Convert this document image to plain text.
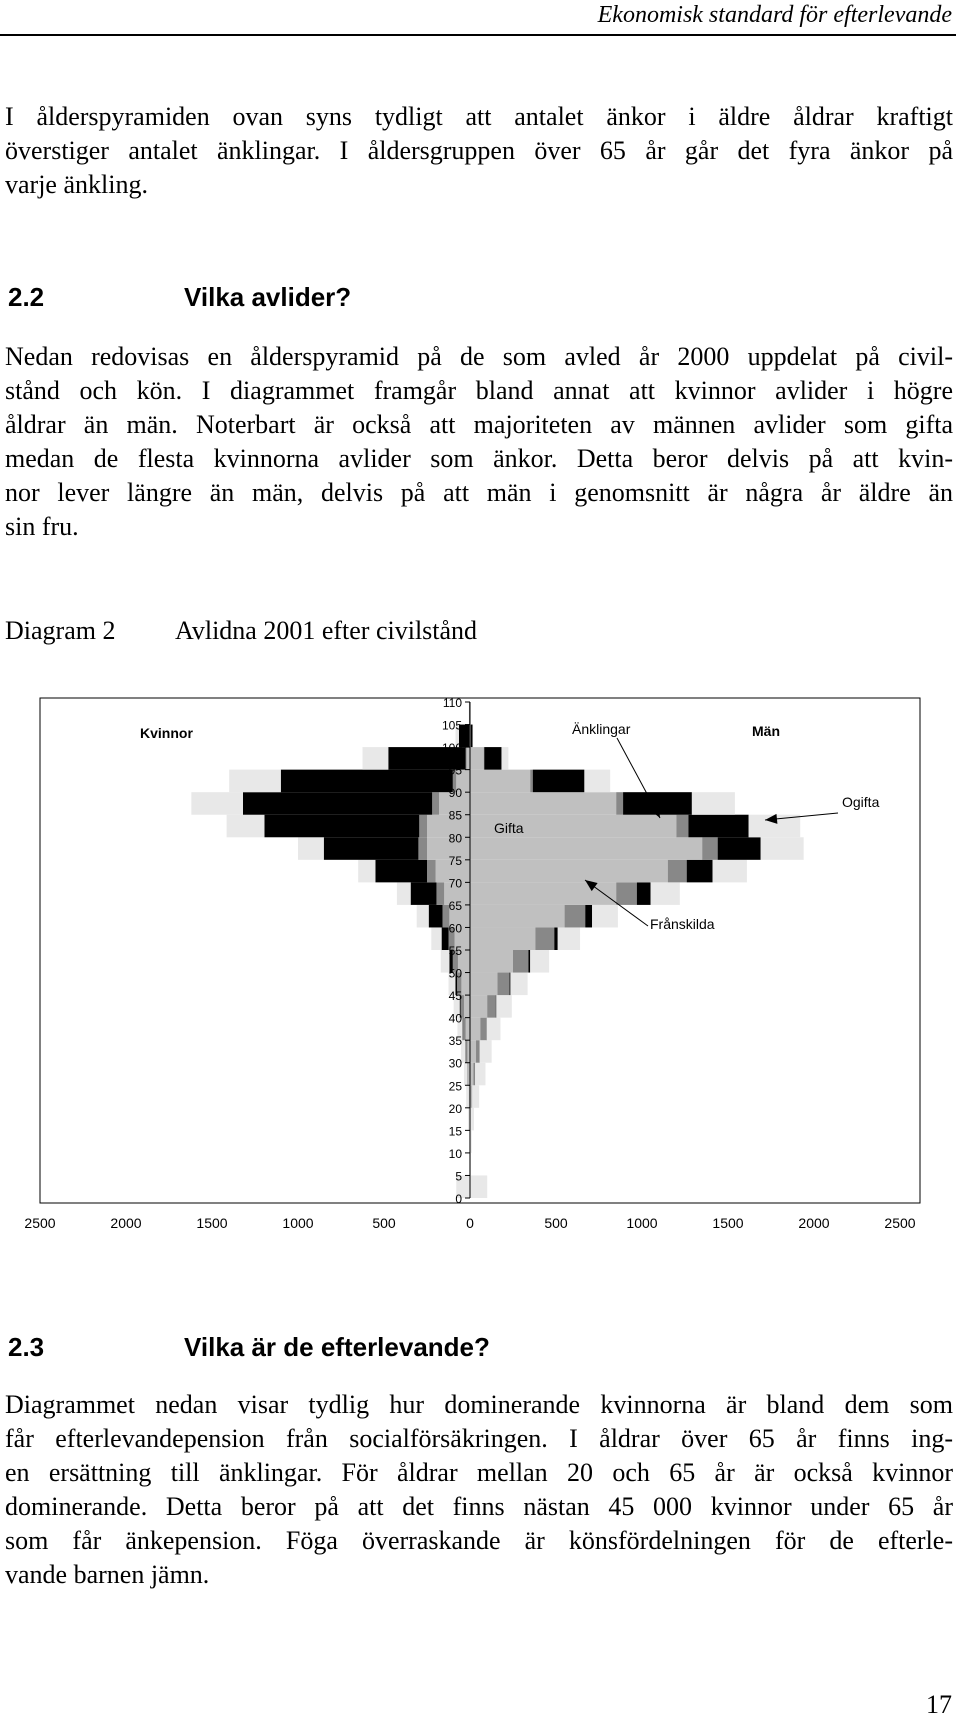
Ekonomisk standard för efterlevande
I ålderspyramiden ovan syns tydligt att antalet änkor i äldre åldrar kraftigt
överstiger antalet änklingar. I åldersgruppen över 65 år går det fyra änkor på
varje änkling.
2.2	Vilka avlider?
Nedan redovisas en ålderspyramid på de som avled år 2000 uppdelat på civil-
stånd och kön. I diagrammet framgår bland annat att kvinnor avlider i högre
åldrar än män. Noterbart är också att majoriteten av männen avlider som gifta
medan de flesta kvinnorna avlider som änkor. Detta beror delvis på att kvin-
nor lever längre än män, delvis på att män i genomsnitt är några år äldre än
sin fru.
Diagram 2 Avlidna 2001 efter civilstånd
0
5
10
15
20
25
30
35
40
45
50
55
60
65
70
75
80
85
90
95
100
105
110
2500	2000	1500	1000	500	0	500	1000	1500	2000	2500
Kvinnor	Män
Änkor
Gifta
Änklingar
Ogifta
Frånskilda
2.3	Vilka är de efterlevande?
Diagrammet nedan visar tydlig hur dominerande kvinnorna är bland dem som
får efterlevandepension från socialförsäkringen. I åldrar över 65 år finns ing-
en ersättning till änklingar. För åldrar mellan 20 och 65 år är också kvinnor
dominerande. Detta beror på att det finns nästan 45 000 kvinnor under 65 år
som får änkepension. Föga överraskande är könsfördelningen för de efterle-
vande barnen jämn.
17
